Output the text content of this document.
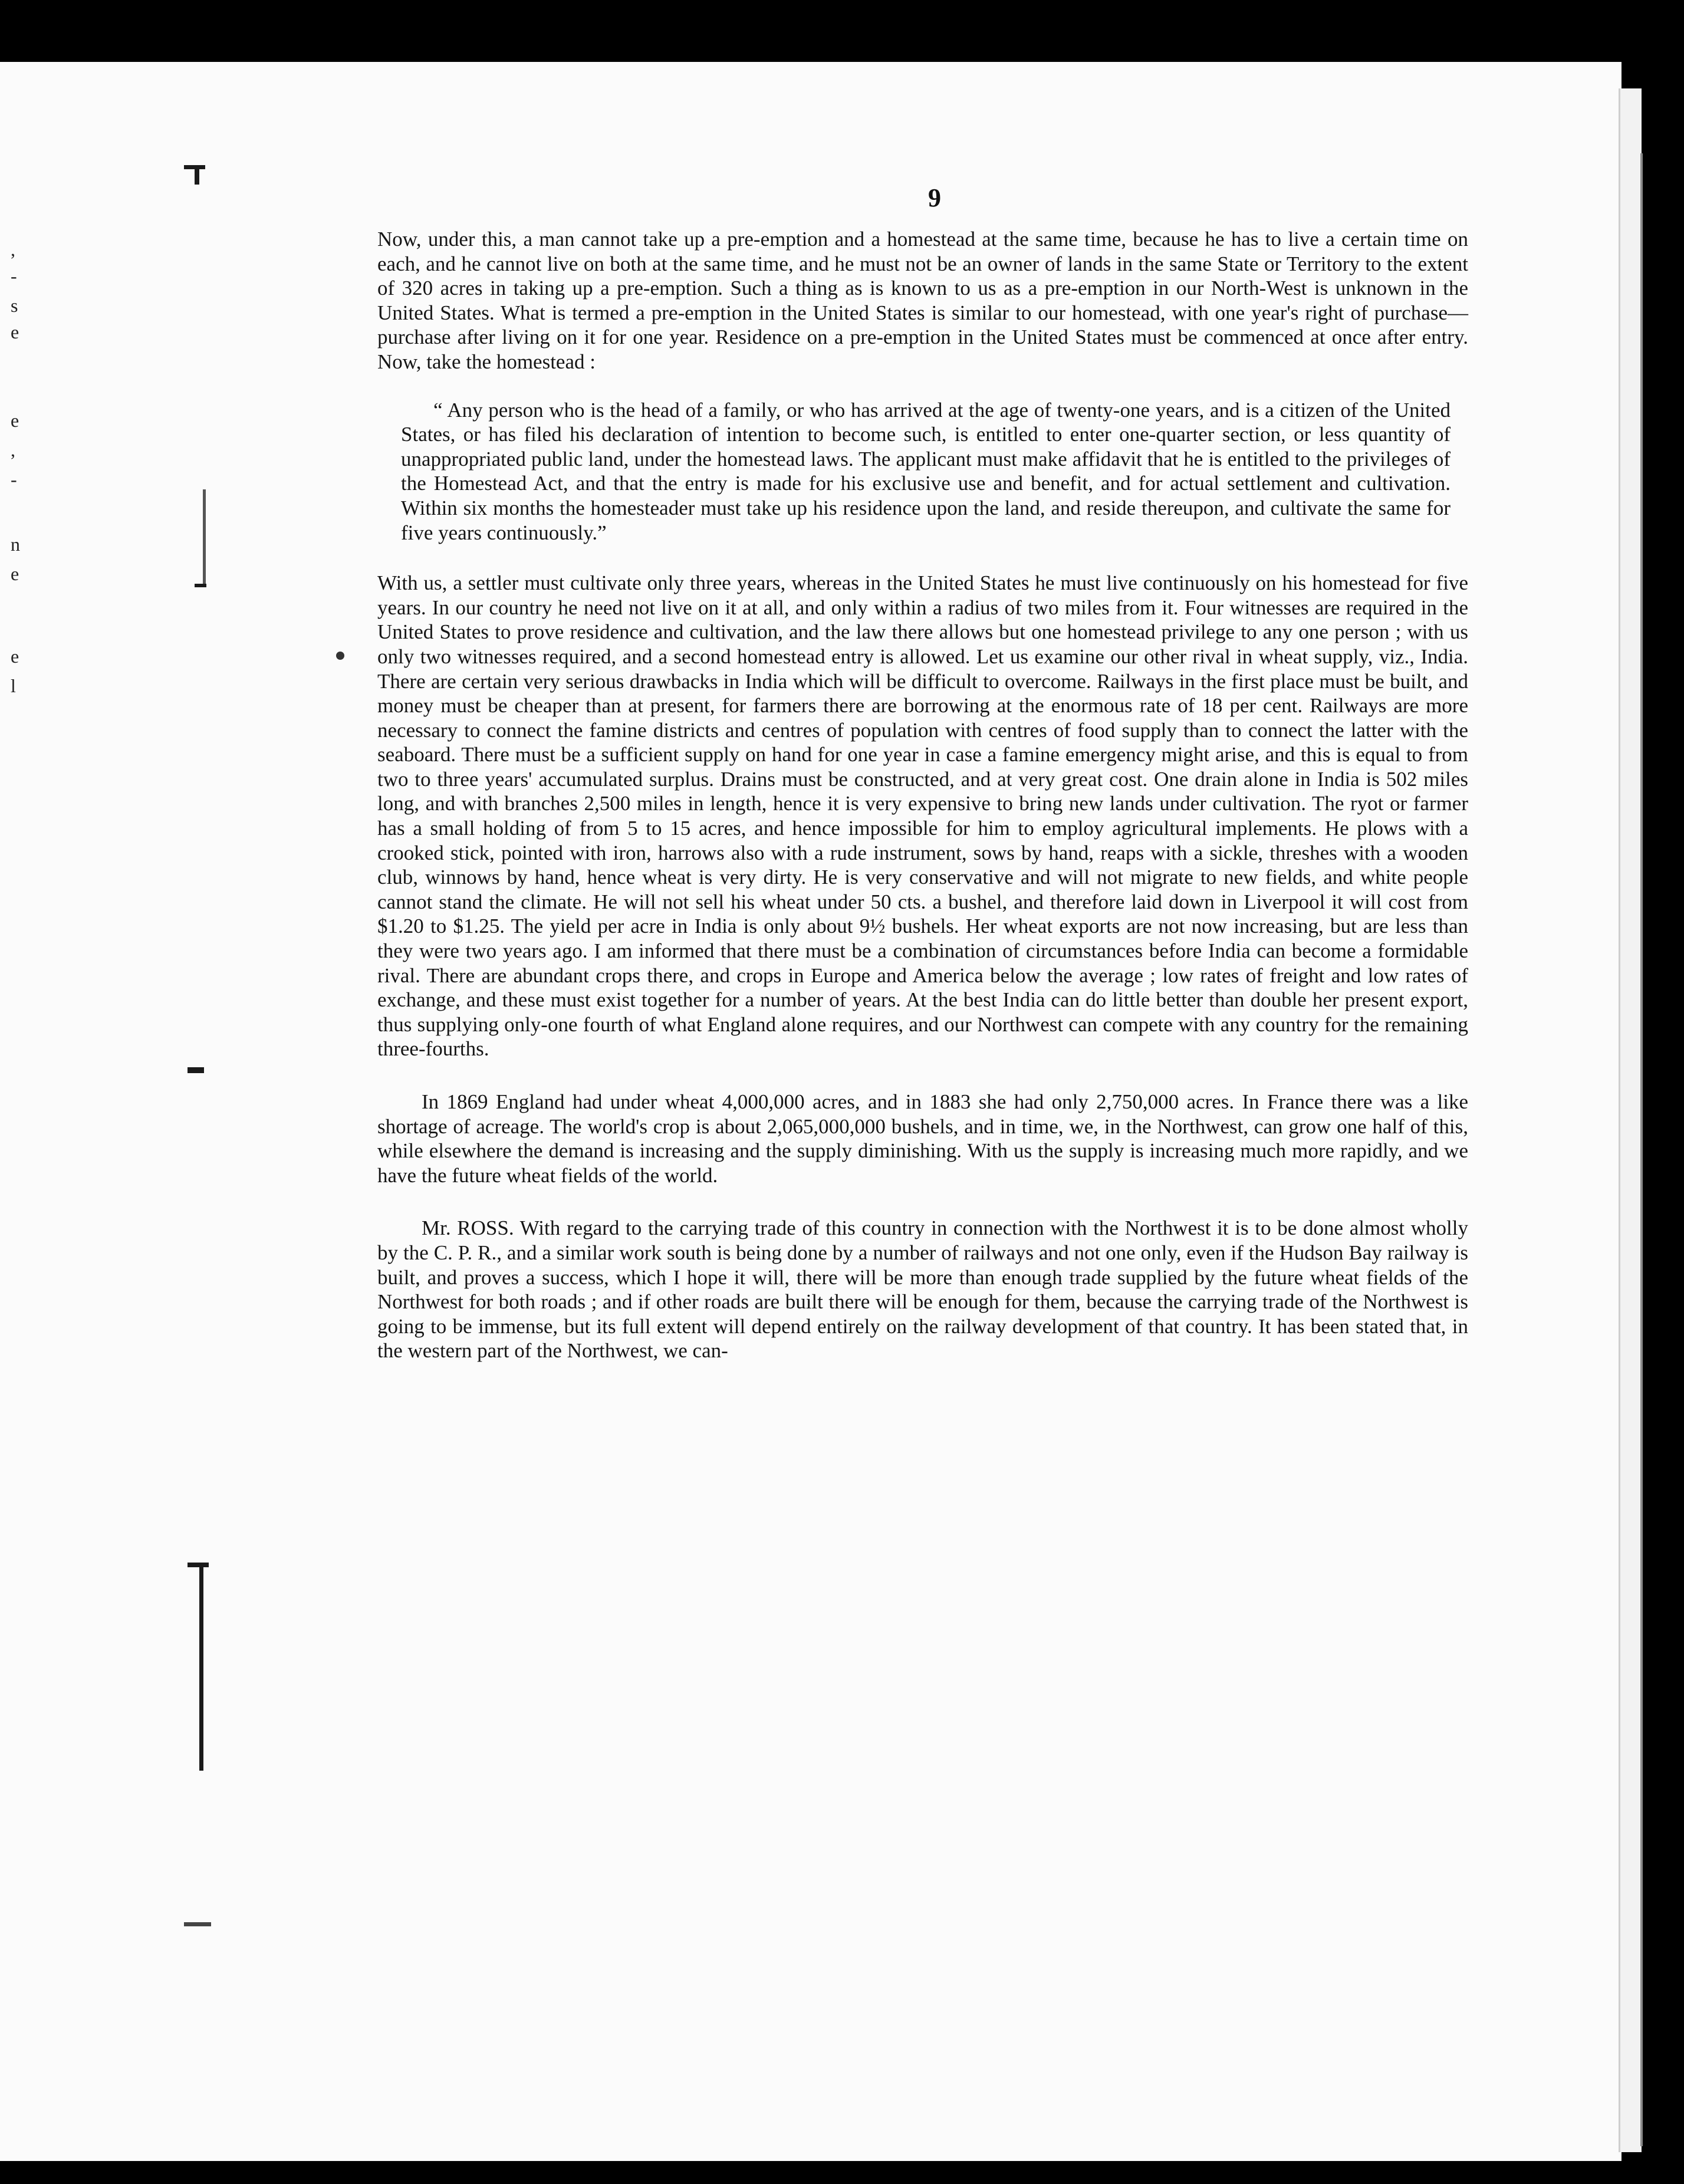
,
-
s
e
e
,
-
n
e
e
l
9

Now, under this, a man cannot take up a pre-emption and a homestead at the same time, because he has to live a certain time on each, and he cannot live on both at the same time, and he must not be an owner of lands in the same State or Territory to the extent of 320 acres in taking up a pre-emption. Such a thing as is known to us as a pre-emption in our North-West is unknown in the United States. What is termed a pre-emption in the United States is similar to our homestead, with one year's right of purchase—purchase after living on it for one year. Residence on a pre-emption in the United States must be commenced at once after entry. Now, take the homestead :

“ Any person who is the head of a family, or who has arrived at the age of twenty-one years, and is a citizen of the United States, or has filed his declaration of intention to become such, is entitled to enter one-quarter section, or less quantity of unappropriated public land, under the homestead laws. The applicant must make affidavit that he is entitled to the privileges of the Homestead Act, and that the entry is made for his exclusive use and benefit, and for actual settlement and cultivation. Within six months the homesteader must take up his residence upon the land, and reside thereupon, and cultivate the same for five years continuously.”

With us, a settler must cultivate only three years, whereas in the United States he must live continuously on his homestead for five years. In our country he need not live on it at all, and only within a radius of two miles from it. Four witnesses are required in the United States to prove residence and cultivation, and the law there allows but one homestead privilege to any one person ; with us only two witnesses required, and a second homestead entry is allowed. Let us examine our other rival in wheat supply, viz., India. There are certain very serious drawbacks in India which will be difficult to overcome. Railways in the first place must be built, and money must be cheaper than at present, for farmers there are borrowing at the enormous rate of 18 per cent. Railways are more necessary to connect the famine districts and centres of population with centres of food supply than to connect the latter with the seaboard. There must be a sufficient supply on hand for one year in case a famine emergency might arise, and this is equal to from two to three years' accumulated surplus. Drains must be constructed, and at very great cost. One drain alone in India is 502 miles long, and with branches 2,500 miles in length, hence it is very expensive to bring new lands under cultivation. The ryot or farmer has a small holding of from 5 to 15 acres, and hence impossible for him to employ agricultural implements. He plows with a crooked stick, pointed with iron, harrows also with a rude instrument, sows by hand, reaps with a sickle, threshes with a wooden club, winnows by hand, hence wheat is very dirty. He is very conservative and will not migrate to new fields, and white people cannot stand the climate. He will not sell his wheat under 50 cts. a bushel, and therefore laid down in Liverpool it will cost from $1.20 to $1.25. The yield per acre in India is only about 9½ bushels. Her wheat exports are not now increasing, but are less than they were two years ago. I am informed that there must be a combination of circumstances before India can become a formidable rival. There are abundant crops there, and crops in Europe and America below the average ; low rates of freight and low rates of exchange, and these must exist together for a number of years. At the best India can do little better than double her present export, thus supplying only-one fourth of what England alone requires, and our Northwest can compete with any country for the remaining three-fourths.

In 1869 England had under wheat 4,000,000 acres, and in 1883 she had only 2,750,000 acres. In France there was a like shortage of acreage. The world's crop is about 2,065,000,000 bushels, and in time, we, in the Northwest, can grow one half of this, while elsewhere the demand is increasing and the supply diminishing. With us the supply is increasing much more rapidly, and we have the future wheat fields of the world.

Mr. ROSS. With regard to the carrying trade of this country in connection with the Northwest it is to be done almost wholly by the C. P. R., and a similar work south is being done by a number of railways and not one only, even if the Hudson Bay railway is built, and proves a success, which I hope it will, there will be more than enough trade supplied by the future wheat fields of the Northwest for both roads ; and if other roads are built there will be enough for them, because the carrying trade of the Northwest is going to be immense, but its full extent will depend entirely on the railway development of that country. It has been stated that, in the western part of the Northwest, we can-
